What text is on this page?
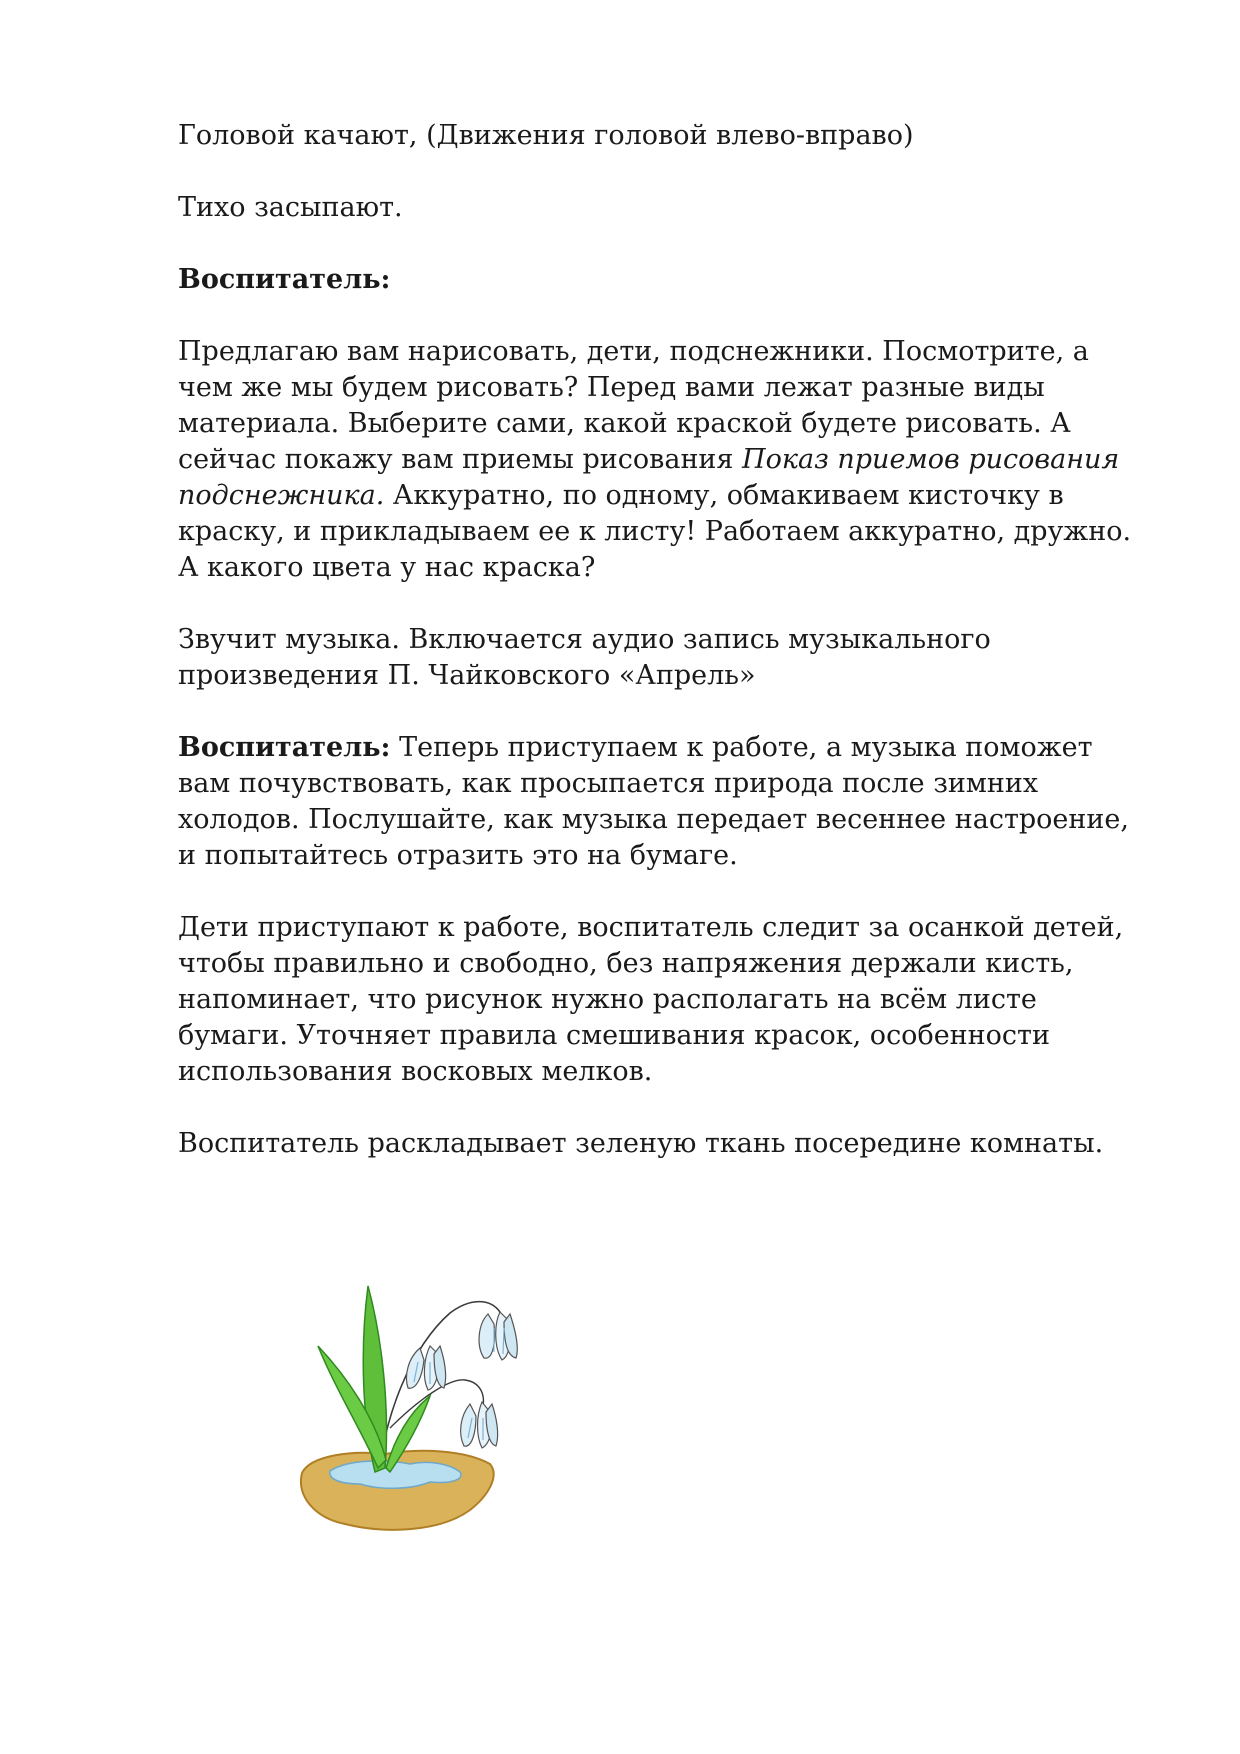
Головой качают, (Движения головой влево-вправо)

Тихо засыпают.

Воспитатель:

Предлагаю вам нарисовать, дети, подснежники. Посмотрите, а чем же мы будем рисовать? Перед вами лежат разные виды материала. Выберите сами, какой краской будете рисовать. А сейчас покажу вам приемы рисования Показ приемов рисования подснежника. Аккуратно, по одному, обмакиваем кисточку в краску, и прикладываем ее к листу! Работаем аккуратно, дружно. А какого цвета у нас краска?

Звучит музыка. Включается аудио запись музыкального произведения П. Чайковского «Апрель»

Воспитатель: Теперь приступаем к работе, а музыка поможет вам почувствовать, как просыпается природа после зимних холодов. Послушайте, как музыка передает весеннее настроение, и попытайтесь отразить это на бумаге.

Дети приступают к работе, воспитатель следит за осанкой детей, чтобы правильно и свободно, без напряжения держали кисть, напоминает, что рисунок нужно располагать на всём листе бумаги. Уточняет правила смешивания красок, особенности использования восковых мелков.

Воспитатель раскладывает зеленую ткань посередине комнаты.
